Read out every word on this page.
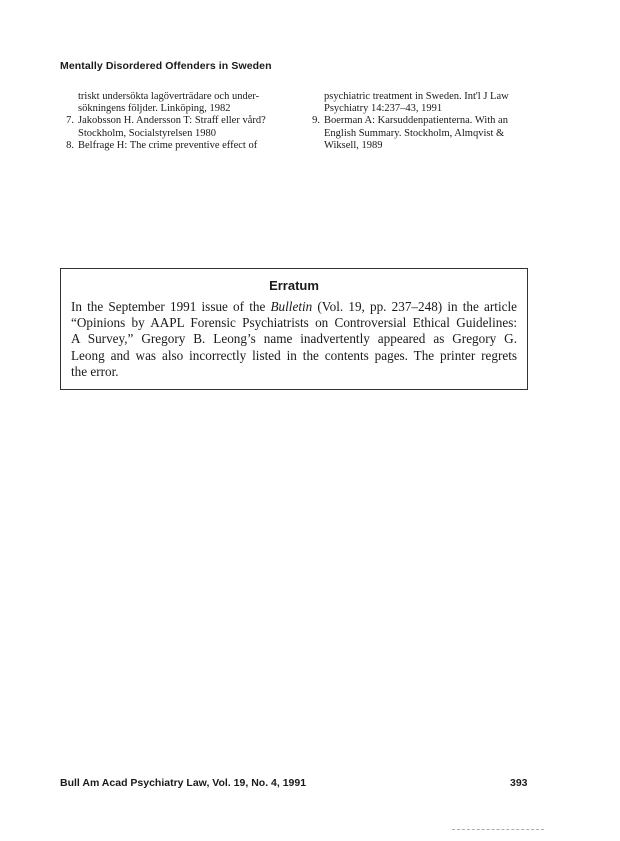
Mentally Disordered Offenders in Sweden
triskt undersökta lagöverträdare och under-
sökningens följder. Linköping, 1982
7. Jakobsson H. Andersson T: Straff eller vård?
Stockholm, Socialstyrelsen 1980
8. Belfrage H: The crime preventive effect of
psychiatric treatment in Sweden. Int'l J Law
Psychiatry 14:237–43, 1991
9. Boerman A: Karsuddenpatienterna. With an
English Summary. Stockholm, Almqvist &
Wiksell, 1989
Erratum
In the September 1991 issue of the Bulletin (Vol. 19, pp. 237–248) in the article
“Opinions by AAPL Forensic Psychiatrists on Controversial Ethical Guidelines:
A Survey,” Gregory B. Leong’s name inadvertently appeared as Gregory G.
Leong and was also incorrectly listed in the contents pages. The printer regrets
the error.
Bull Am Acad Psychiatry Law, Vol. 19, No. 4, 1991	393
